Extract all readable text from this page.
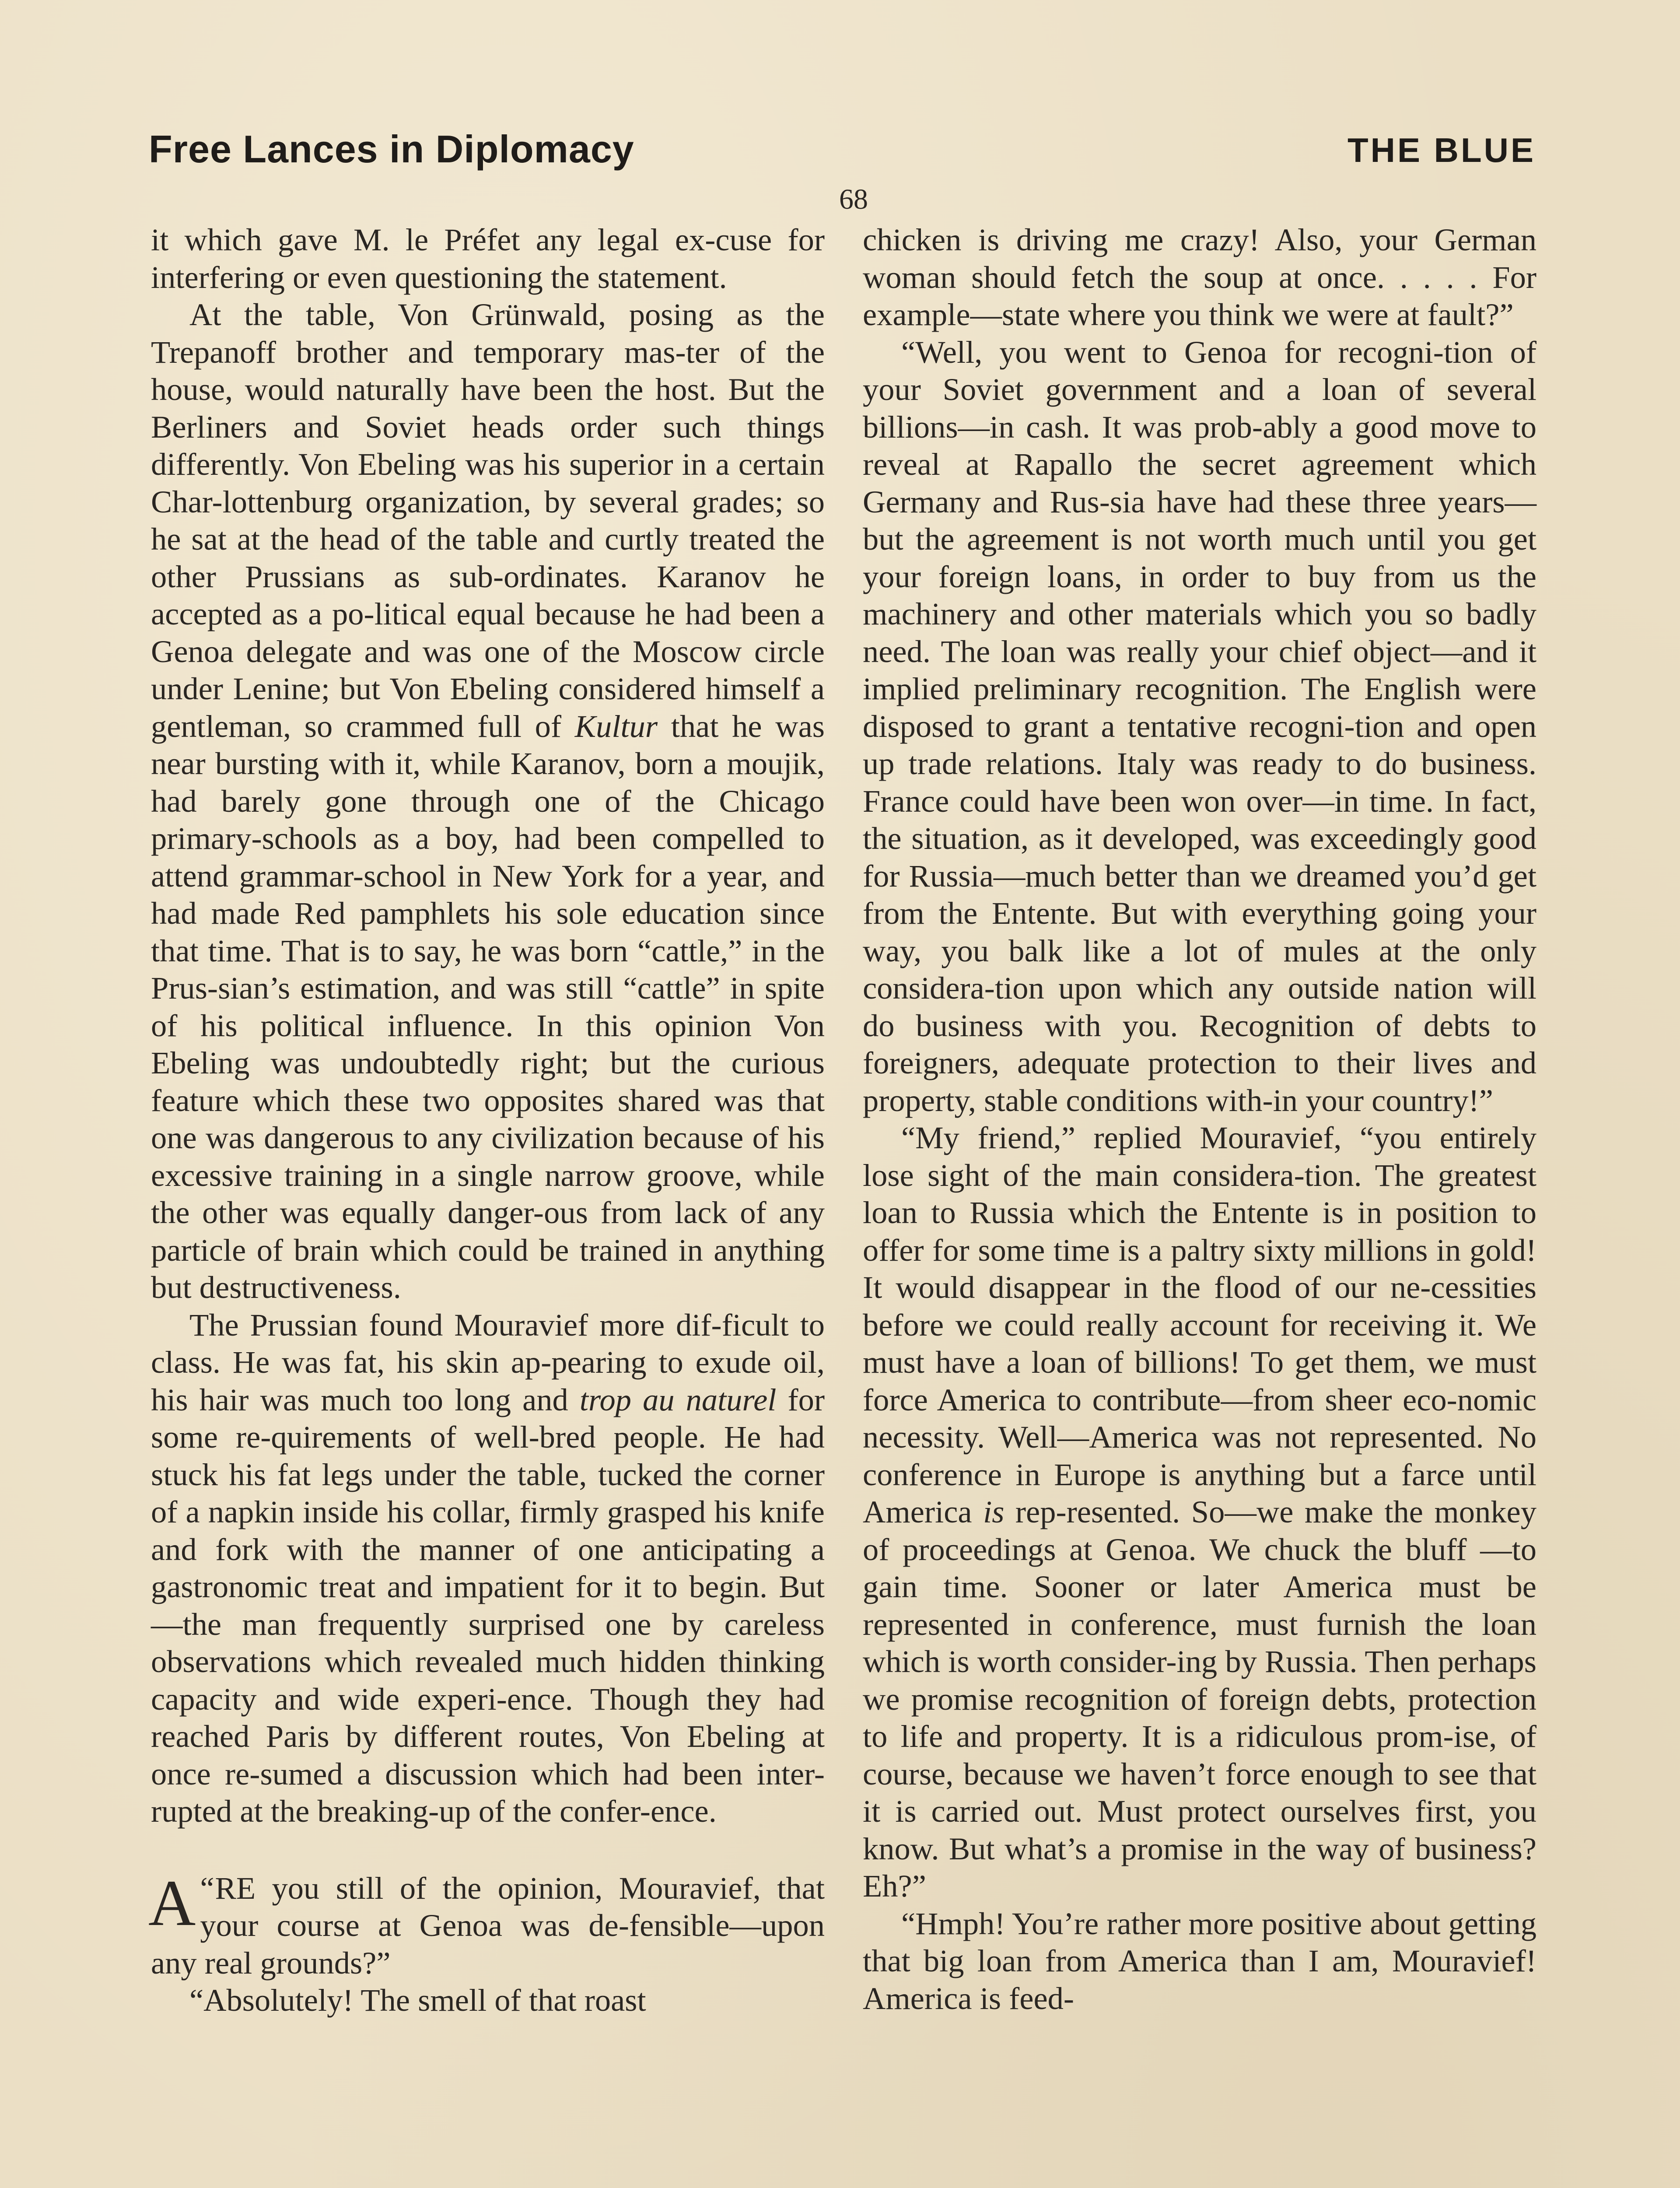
Free Lances in Diplomacy	THE BLUE
68

it which gave M. le Préfet any legal ex-cuse for interfering or even questioning the statement.

At the table, Von Grünwald, posing as the Trepanoff brother and temporary mas-ter of the house, would naturally have been the host. But the Berliners and Soviet heads order such things differently. Von Ebeling was his superior in a certain Char-lottenburg organization, by several grades; so he sat at the head of the table and curtly treated the other Prussians as sub-ordinates. Karanov he accepted as a po-litical equal because he had been a Genoa delegate and was one of the Moscow circle under Lenine; but Von Ebeling considered himself a gentleman, so crammed full of Kultur that he was near bursting with it, while Karanov, born a moujik, had barely gone through one of the Chicago primary-schools as a boy, had been compelled to attend grammar-school in New York for a year, and had made Red pamphlets his sole education since that time. That is to say, he was born “cattle,” in the Prus-sian’s estimation, and was still “cattle” in spite of his political influence. In this opinion Von Ebeling was undoubtedly right; but the curious feature which these two opposites shared was that one was dangerous to any civilization because of his excessive training in a single narrow groove, while the other was equally danger-ous from lack of any particle of brain which could be trained in anything but destructiveness.

The Prussian found Mouravief more dif-ficult to class. He was fat, his skin ap-pearing to exude oil, his hair was much too long and trop au naturel for some re-quirements of well-bred people. He had stuck his fat legs under the table, tucked the corner of a napkin inside his collar, firmly grasped his knife and fork with the manner of one anticipating a gastronomic treat and impatient for it to begin. But —the man frequently surprised one by careless observations which revealed much hidden thinking capacity and wide experi-ence. Though they had reached Paris by different routes, Von Ebeling at once re-sumed a discussion which had been inter-rupted at the breaking-up of the confer-ence.

“
A RE you still of the opinion, Mouravief, that your course at Genoa was de-fensible—upon any real grounds?”

“Absolutely! The smell of that roast

chicken is driving me crazy! Also, your German woman should fetch the soup at once. . . . . For example—state where you think we were at fault?”

“Well, you went to Genoa for recogni-tion of your Soviet government and a loan of several billions—in cash. It was prob-ably a good move to reveal at Rapallo the secret agreement which Germany and Rus-sia have had these three years—but the agreement is not worth much until you get your foreign loans, in order to buy from us the machinery and other materials which you so badly need. The loan was really your chief object—and it implied preliminary recognition. The English were disposed to grant a tentative recogni-tion and open up trade relations. Italy was ready to do business. France could have been won over—in time. In fact, the situation, as it developed, was exceedingly good for Russia—much better than we dreamed you’d get from the Entente. But with everything going your way, you balk like a lot of mules at the only considera-tion upon which any outside nation will do business with you. Recognition of debts to foreigners, adequate protection to their lives and property, stable conditions with-in your country!”

“My friend,” replied Mouravief, “you entirely lose sight of the main considera-tion. The greatest loan to Russia which the Entente is in position to offer for some time is a paltry sixty millions in gold! It would disappear in the flood of our ne-cessities before we could really account for receiving it. We must have a loan of billions! To get them, we must force America to contribute—from sheer eco-nomic necessity. Well—America was not represented. No conference in Europe is anything but a farce until America is rep-resented. So—we make the monkey of proceedings at Genoa. We chuck the bluff —to gain time. Sooner or later America must be represented in conference, must furnish the loan which is worth consider-ing by Russia. Then perhaps we promise recognition of foreign debts, protection to life and property. It is a ridiculous prom-ise, of course, because we haven’t force enough to see that it is carried out. Must protect ourselves first, you know. But what’s a promise in the way of business? Eh?”

“Hmph! You’re rather more positive about getting that big loan from America than I am, Mouravief! America is feed-
